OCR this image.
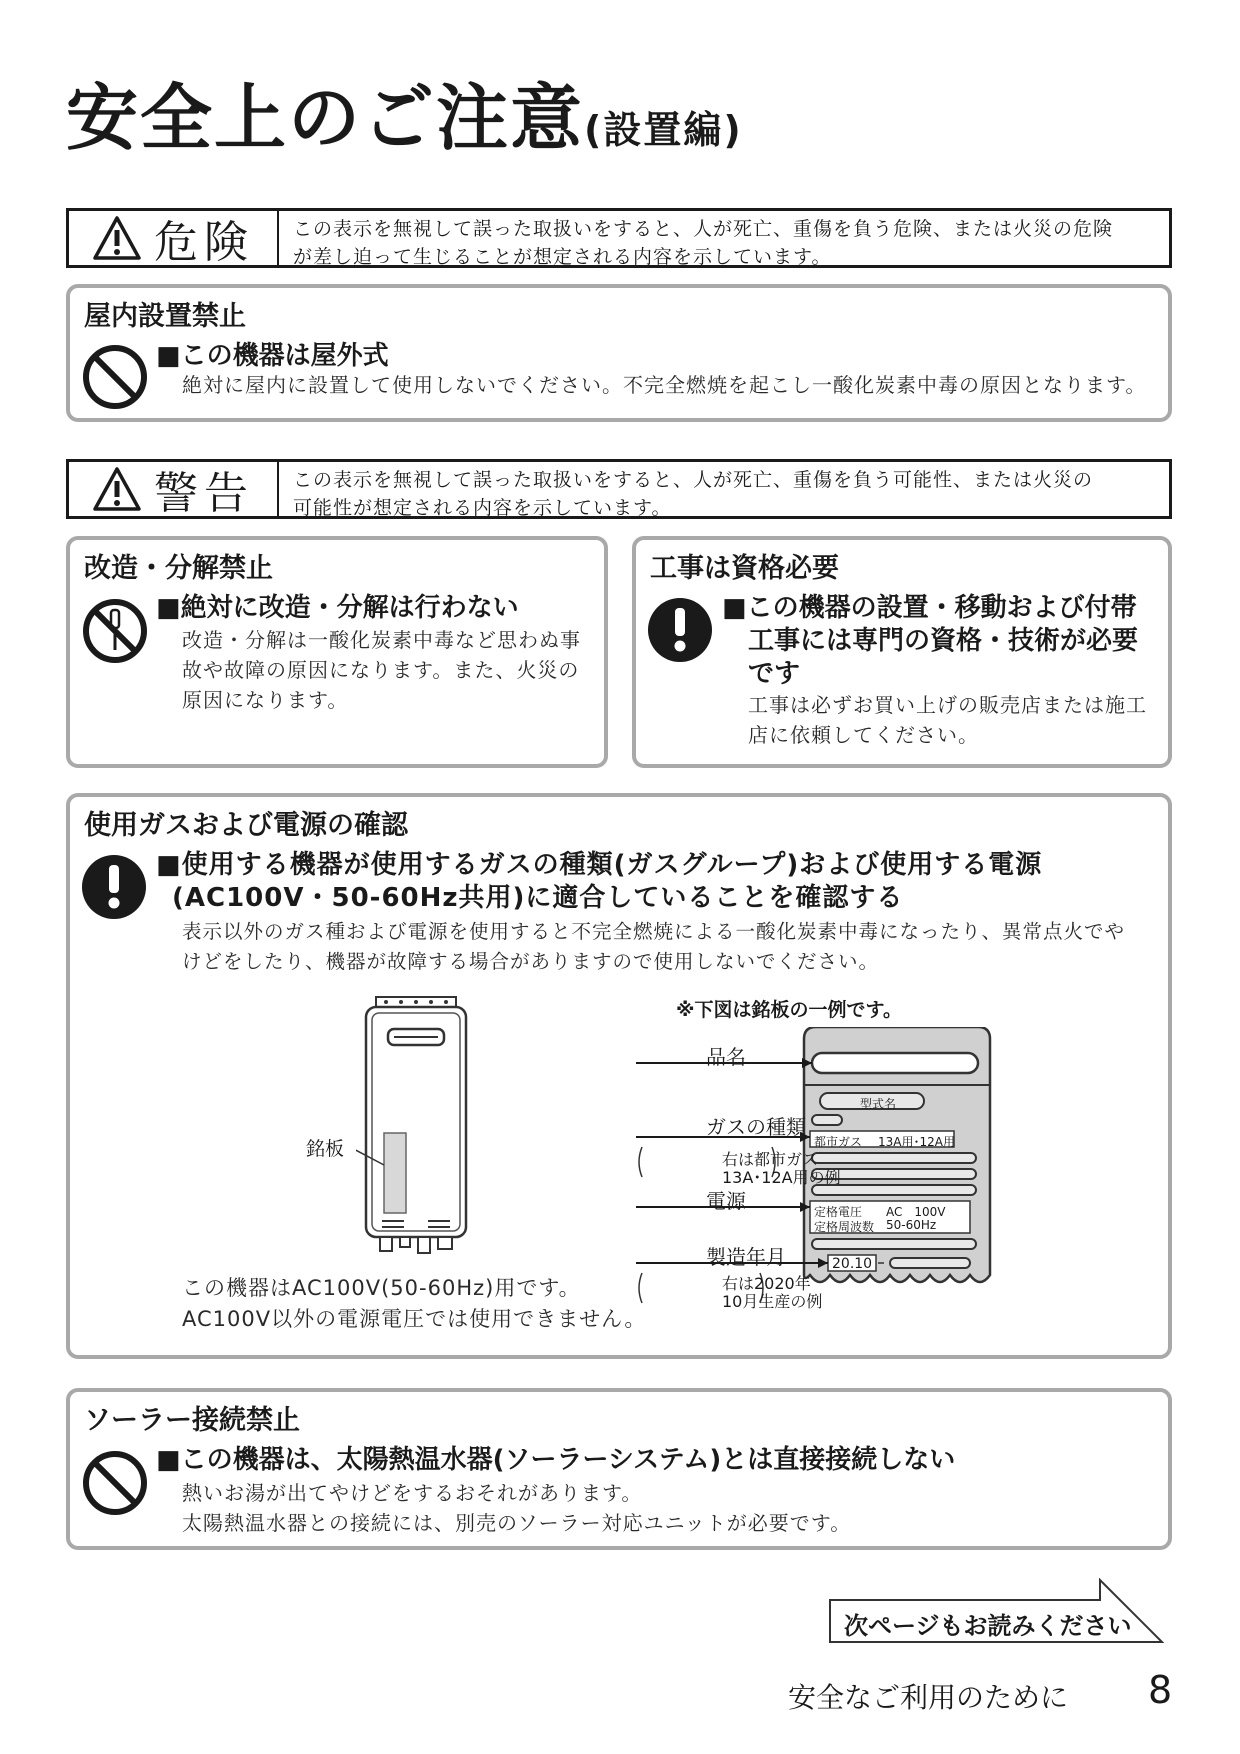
安全上のご注意(設置編)
危険 この表示を無視して誤った取扱いをすると、人が死亡、重傷を負う危険、または火災の危険
が差し迫って生じることが想定される内容を示しています。
屋内設置禁止
■この機器は屋外式
絶対に屋内に設置して使用しないでください。不完全燃焼を起こし一酸化炭素中毒の原因となります。
警告 この表示を無視して誤った取扱いをすると、人が死亡、重傷を負う可能性、または火災の
可能性が想定される内容を示しています。
改造・分解禁止
■絶対に改造・分解は行わない
改造・分解は一酸化炭素中毒など思わぬ事
故や故障の原因になります。また、火災の
原因になります。
工事は資格必要
■この機器の設置・移動および付帯
工事には専門の資格・技術が必要
です
工事は必ずお買い上げの販売店または施工
店に依頼してください。
使用ガスおよび電源の確認
■使用する機器が使用するガスの種類(ガスグループ)および使用する電源
(AC100V・50-60Hz共用)に適合していることを確認する
表示以外のガス種および電源を使用すると不完全燃焼による一酸化炭素中毒になったり、異常点火でや
けどをしたり、機器が故障する場合がありますので使用しないでください。
銘板
この機器はAC100V(50-60Hz)用です。
AC100V以外の電源電圧では使用できません。
※下図は銘板の一例です。
品名
ガスの種類
右は都市ガス
13A･12A用の例
電源
製造年月
右は2020年
10月生産の例
型式名
都市ガス 13A用･12A用
定格電圧 AC　100V
定格周波数 50-60Hz
20.10
ソーラー接続禁止
■この機器は、太陽熱温水器(ソーラーシステム)とは直接接続しない
熱いお湯が出てやけどをするおそれがあります。
太陽熱温水器との接続には、別売のソーラー対応ユニットが必要です。
次ページもお読みください
安全なご利用のために 8
